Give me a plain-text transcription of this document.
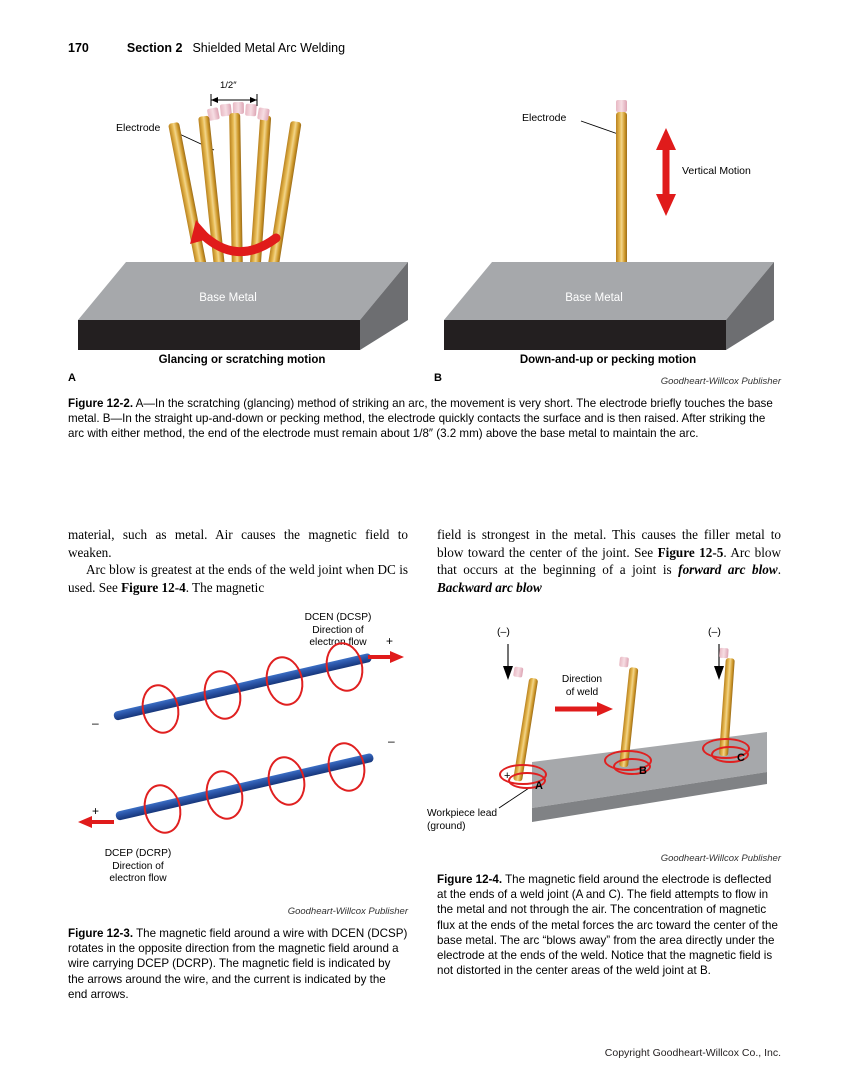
170	Section 2 Shielded Metal Arc Welding
1/2″
Electrode
Base Metal
Glancing or scratching motion
A
Electrode
Vertical Motion
Base Metal
Down-and-up or pecking motion
B	Goodheart-Willcox Publisher
Figure 12-2. A—In the scratching (glancing) method of striking an arc, the movement is very short. The electrode briefly touches the base metal. B—In the straight up-and-down or pecking method, the electrode quickly contacts the surface and is then raised. After striking the arc with either method, the end of the electrode must remain about 1/8″ (3.2 mm) above the base metal to maintain the arc.

material, such as metal. Air causes the magnetic field to weaken.

Arc blow is greatest at the ends of the weld joint when DC is used. See Figure 12-4. The magnetic

field is strongest in the metal. This causes the filler metal to blow toward the center of the joint. See Figure 12-5. Arc blow that occurs at the beginning of a joint is forward arc blow. Backward arc blow

DCEN (DCSP)
Direction of
electron flow
–
+
+
–
DCEP (DCRP)
Direction of
electron flow
Goodheart-Willcox Publisher
Figure 12-3. The magnetic field around a wire with DCEN (DCSP) rotates in the opposite direction from the magnetic field around a wire carrying DCEP (DCRP). The magnetic field is indicated by the arrows around the wire, and the current is indicated by the end arrows.
(–)	(–)
Direction
of weld
A
B
C
+
Workpiece lead
(ground)
Goodheart-Willcox Publisher
Figure 12-4. The magnetic field around the electrode is deflected at the ends of a weld joint (A and C). The field attempts to flow in the metal and not through the air. The concentration of magnetic flux at the ends of the metal forces the arc toward the center of the base metal. The arc “blows away” from the area directly under the electrode at the ends of the weld. Notice that the magnetic field is not distorted in the center areas of the weld joint at B.
Copyright Goodheart-Willcox Co., Inc.
